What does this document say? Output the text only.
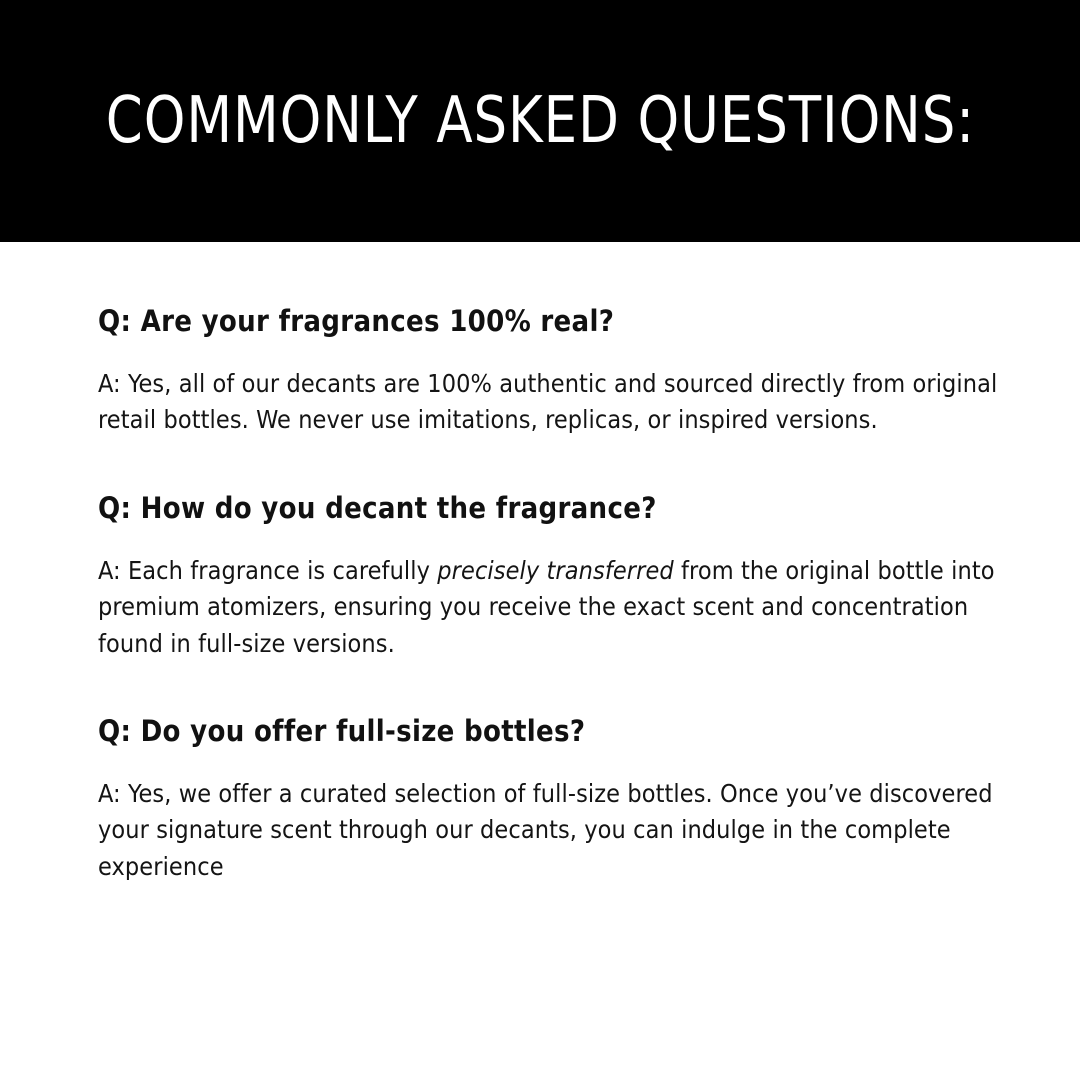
COMMONLY ASKED QUESTIONS:
Q: Are your fragrances 100% real?

A: Yes, all of our decants are 100% authentic and sourced directly from original retail bottles. We never use imitations, replicas, or inspired versions.

Q: How do you decant the fragrance?

A: Each fragrance is carefully precisely transferred from the original bottle into premium atomizers, ensuring you receive the exact scent and concentration found in full-size versions.

Q: Do you offer full-size bottles?

A: Yes, we offer a curated selection of full-size bottles. Once you’ve discovered your signature scent through our decants, you can indulge in the complete experience
